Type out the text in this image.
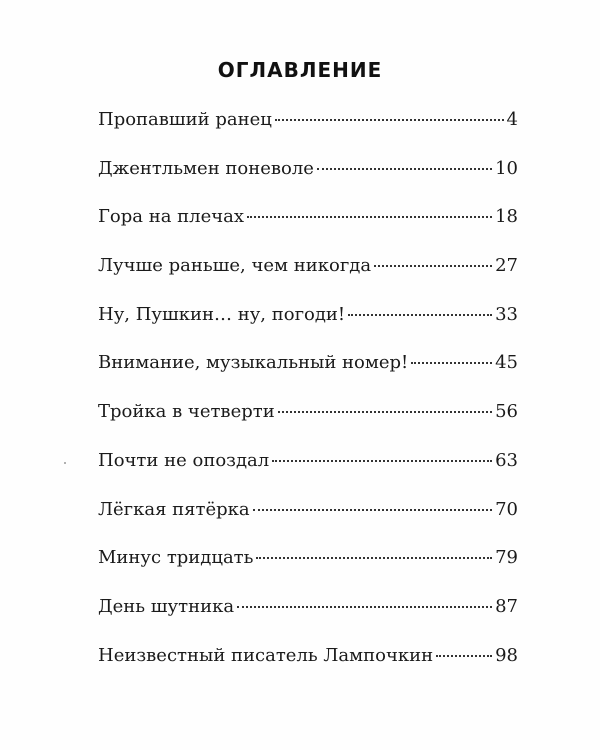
ОГЛАВЛЕНИЕ
Пропавший ранец	4
Джентльмен поневоле	10
Гора на плечах	18
Лучше раньше, чем никогда	27
Ну, Пушкин… ну, погоди!	33
Внимание, музыкальный номер!	45
Тройка в четверти	56
Почти не опоздал	63
Лёгкая пятёрка	70
Минус тридцать	79
День шутника	87
Неизвестный писатель Лампочкин	98
